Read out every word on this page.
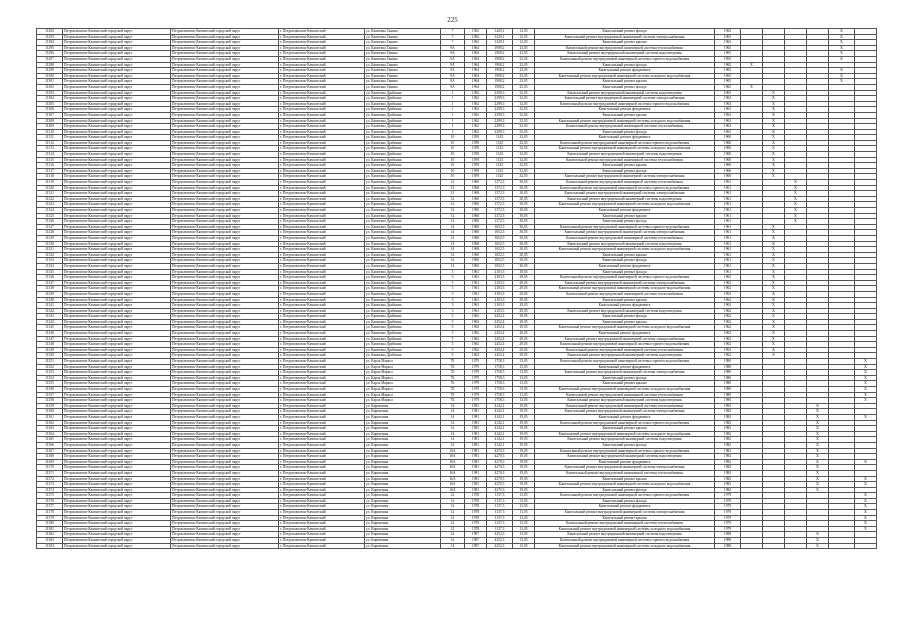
225
11292	Петропавловск-Камчатский городской округ	Петропавловск-Камчатский городской округ	г. Петропавловск-Камчатский	ул. Капитана Ганина	7	1962	1429,1	12,05	Капитальный ремонт фасада	1963					X	
11293	Петропавловск-Камчатский городской округ	Петропавловск-Камчатский городской округ	г. Петропавловск-Камчатский	ул. Капитана Ганина	7	1962	1429,1	12,05	Капитальный ремонт внутридомовой инженерной системы электроснабжения	1963					X	
11294	Петропавловск-Камчатский городской округ	Петропавловск-Камчатский городской округ	г. Петропавловск-Камчатский	ул. Капитана Ганина	7	1962	1429,1	12,05	Капитальный ремонт крыши	1963					X	
11295	Петропавловск-Камчатский городской округ	Петропавловск-Камчатский городской округ	г. Петропавловск-Камчатский	ул. Капитана Ганина	9А	1964	1908,2	23,05	Капитальный ремонт внутридомовой инженерной системы теплоснабжения	1965					X	
11296	Петропавловск-Камчатский городской округ	Петропавловск-Камчатский городской округ	г. Петропавловск-Камчатский	ул. Капитана Ганина	9А	1964	1908,2	23,05	Капитальный ремонт внутридомовой инженерной системы водоотведения	1965					X	
11297	Петропавловск-Камчатский городской округ	Петропавловск-Камчатский городской округ	г. Петропавловск-Камчатский	ул. Капитана Ганина	9А	1964	1908,2	23,05	Капитальный ремонт внутридомовой инженерной системы горячего водоснабжения	1965					X	
11298	Петропавловск-Камчатский городской округ	Петропавловск-Камчатский городской округ	г. Петропавловск-Камчатский	ул. Капитана Ганина	9А	1964	1908,2	23,05	Капитальный ремонт фасада	1965	X					
11299	Петропавловск-Камчатский городской округ	Петропавловск-Камчатский городской округ	г. Петропавловск-Камчатский	ул. Капитана Ганина	9А	1964	1908,2	23,05	Капитальный ремонт фундамента	1965					X	
11300	Петропавловск-Камчатский городской округ	Петропавловск-Камчатский городской округ	г. Петропавловск-Камчатский	ул. Капитана Ганина	9А	1964	1908,2	23,05	Капитальный ремонт внутридомовой инженерной системы холодного водоснабжения	1965					X	
11301	Петропавловск-Камчатский городской округ	Петропавловск-Камчатский городской округ	г. Петропавловск-Камчатский	ул. Капитана Ганина	9А	1964	1908,2	23,05	Капитальный ремонт крыши	1965					X	
11302	Петропавловск-Камчатский городской округ	Петропавловск-Камчатский городской округ	г. Петропавловск-Камчатский	ул. Капитана Ганина	9А	1964	1908,2	23,05	Капитальный ремонт фасада	1965	X					
11303	Петропавловск-Камчатский городской округ	Петропавловск-Камчатский городской округ	г. Петропавловск-Камчатский	ул. Капитана Драбкина	1	1962	2299,3	32,05	Капитальный ремонт внутридомовой инженерной системы водоотведения	1963		X				
11304	Петропавловск-Камчатский городской округ	Петропавловск-Камчатский городской округ	г. Петропавловск-Камчатский	ул. Капитана Драбкина	1	1962	2299,3	32,05	Капитальный ремонт внутридомовой инженерной системы электроснабжения	1963		X				
11305	Петропавловск-Камчатский городской округ	Петропавловск-Камчатский городской округ	г. Петропавловск-Камчатский	ул. Капитана Драбкина	1	1962	2299,3	32,05	Капитальный ремонт внутридомовой инженерной системы горячего водоснабжения	1963		X				
11306	Петропавловск-Камчатский городской округ	Петропавловск-Камчатский городской округ	г. Петропавловск-Камчатский	ул. Капитана Драбкина	1	1962	2299,3	32,05	Капитальный ремонт фундамента	1963		X				
11307	Петропавловск-Камчатский городской округ	Петропавловск-Камчатский городской округ	г. Петропавловск-Камчатский	ул. Капитана Драбкина	1	1962	2299,3	32,05	Капитальный ремонт крыши	1963		X				
11308	Петропавловск-Камчатский городской округ	Петропавловск-Камчатский городской округ	г. Петропавловск-Камчатский	ул. Капитана Драбкина	1	1962	2299,3	32,05	Капитальный ремонт внутридомовой инженерной системы холодного водоснабжения	1963		X				
11309	Петропавловск-Камчатский городской округ	Петропавловск-Камчатский городской округ	г. Петропавловск-Камчатский	ул. Капитана Драбкина	1	1962	2299,3	32,05	Капитальный ремонт внутридомовой инженерной системы теплоснабжения	1963		X				
11310	Петропавловск-Камчатский городской округ	Петропавловск-Камчатский городской округ	г. Петропавловск-Камчатский	ул. Капитана Драбкина	1	1962	2299,3	32,05	Капитальный ремонт фасада	1963		X				
11311	Петропавловск-Камчатский городской округ	Петропавловск-Камчатский городской округ	г. Петропавловск-Камчатский	ул. Капитана Драбкина	10	1959	1143	32,05	Капитальный ремонт фундамента	1960		X				
11312	Петропавловск-Камчатский городской округ	Петропавловск-Камчатский городской округ	г. Петропавловск-Камчатский	ул. Капитана Драбкина	10	1959	1143	32,05	Капитальный ремонт внутридомовой инженерной системы горячего водоснабжения	1960		X				
11313	Петропавловск-Камчатский городской округ	Петропавловск-Камчатский городской округ	г. Петропавловск-Камчатский	ул. Капитана Драбкина	10	1959	1143	32,05	Капитальный ремонт внутридомовой инженерной системы холодного водоснабжения	1960		X				
11314	Петропавловск-Камчатский городской округ	Петропавловск-Камчатский городской округ	г. Петропавловск-Камчатский	ул. Капитана Драбкина	10	1959	1143	32,05	Капитальный ремонт внутридомовой инженерной системы водоотведения	1960		X				
11315	Петропавловск-Камчатский городской округ	Петропавловск-Камчатский городской округ	г. Петропавловск-Камчатский	ул. Капитана Драбкина	10	1959	1143	32,05	Капитальный ремонт внутридомовой инженерной системы теплоснабжения	1960		X				
11316	Петропавловск-Камчатский городской округ	Петропавловск-Камчатский городской округ	г. Петропавловск-Камчатский	ул. Капитана Драбкина	10	1959	1143	32,05	Капитальный ремонт крыши	1960		X				
11317	Петропавловск-Камчатский городской округ	Петропавловск-Камчатский городской округ	г. Петропавловск-Камчатский	ул. Капитана Драбкина	10	1959	1143	32,05	Капитальный ремонт фасада	1960		X				
11318	Петропавловск-Камчатский городской округ	Петропавловск-Камчатский городской округ	г. Петропавловск-Камчатский	ул. Капитана Драбкина	10	1959	1143	32,05	Капитальный ремонт внутридомовой инженерной системы электроснабжения	1960		X				
11319	Петропавловск-Камчатский городской округ	Петропавловск-Камчатский городской округ	г. Петропавловск-Камчатский	ул. Капитана Драбкина	12	1960	1372,3	30,05	Капитальный ремонт внутридомовой инженерной системы теплоснабжения	1961			X			
11320	Петропавловск-Камчатский городской округ	Петропавловск-Камчатский городской округ	г. Петропавловск-Камчатский	ул. Капитана Драбкина	12	1960	1372,3	30,05	Капитальный ремонт внутридомовой инженерной системы горячего водоснабжения	1961			X			
11321	Петропавловск-Камчатский городской округ	Петропавловск-Камчатский городской округ	г. Петропавловск-Камчатский	ул. Капитана Драбкина	12	1960	1372,3	30,05	Капитальный ремонт внутридомовой инженерной системы электроснабжения	1961			X			
11322	Петропавловск-Камчатский городской округ	Петропавловск-Камчатский городской округ	г. Петропавловск-Камчатский	ул. Капитана Драбкина	12	1960	1372,3	30,05	Капитальный ремонт внутридомовой инженерной системы водоотведения	1961			X			
11323	Петропавловск-Камчатский городской округ	Петропавловск-Камчатский городской округ	г. Петропавловск-Камчатский	ул. Капитана Драбкина	12	1960	1372,3	30,05	Капитальный ремонт внутридомовой инженерной системы холодного водоснабжения	1961			X			
11324	Петропавловск-Камчатский городской округ	Петропавловск-Камчатский городской округ	г. Петропавловск-Камчатский	ул. Капитана Драбкина	12	1960	1372,3	30,05	Капитальный ремонт фундамента	1961			X			
11325	Петропавловск-Камчатский городской округ	Петропавловск-Камчатский городской округ	г. Петропавловск-Камчатский	ул. Капитана Драбкина	12	1960	1372,3	30,05	Капитальный ремонт крыши	1961			X			
11326	Петропавловск-Камчатский городской округ	Петропавловск-Камчатский городской округ	г. Петропавловск-Камчатский	ул. Капитана Драбкина	12	1960	1372,3	30,05	Капитальный ремонт фасада	1961			X			
11327	Петропавловск-Камчатский городской округ	Петропавловск-Камчатский городской округ	г. Петропавловск-Камчатский	ул. Капитана Драбкина	14	1960	1652,5	30,05	Капитальный ремонт внутридомовой инженерной системы горячего водоснабжения	1961		X				
11328	Петропавловск-Камчатский городской округ	Петропавловск-Камчатский городской округ	г. Петропавловск-Камчатский	ул. Капитана Драбкина	14	1960	1652,5	30,05	Капитальный ремонт внутридомовой инженерной системы электроснабжения	1961		X				
11329	Петропавловск-Камчатский городской округ	Петропавловск-Камчатский городской округ	г. Петропавловск-Камчатский	ул. Капитана Драбкина	14	1960	1652,5	30,05	Капитальный ремонт внутридомовой инженерной системы теплоснабжения	1961		X				
11330	Петропавловск-Камчатский городской округ	Петропавловск-Камчатский городской округ	г. Петропавловск-Камчатский	ул. Капитана Драбкина	14	1960	1652,5	30,05	Капитальный ремонт внутридомовой инженерной системы водоотведения	1961		X				
11331	Петропавловск-Камчатский городской округ	Петропавловск-Камчатский городской округ	г. Петропавловск-Камчатский	ул. Капитана Драбкина	14	1960	1652,5	30,05	Капитальный ремонт внутридомовой инженерной системы холодного водоснабжения	1961		X				
11332	Петропавловск-Камчатский городской округ	Петропавловск-Камчатский городской округ	г. Петропавловск-Камчатский	ул. Капитана Драбкина	14	1960	1652,5	30,05	Капитальный ремонт крыши	1961		X				
11333	Петропавловск-Камчатский городской округ	Петропавловск-Камчатский городской округ	г. Петропавловск-Камчатский	ул. Капитана Драбкина	14	1960	1652,5	30,05	Капитальный ремонт фасада	1961		X				
11334	Петропавловск-Камчатский городской округ	Петропавловск-Камчатский городской округ	г. Петропавловск-Камчатский	ул. Капитана Драбкина	14	1960	1652,5	30,05	Капитальный ремонт фундамента	1961		X				
11335	Петропавловск-Камчатский городской округ	Петропавловск-Камчатский городской округ	г. Петропавловск-Камчатский	ул. Капитана Драбкина	3	1961	2103,3	29,05	Капитальный ремонт фасада	1961		X				
11336	Петропавловск-Камчатский городской округ	Петропавловск-Камчатский городской округ	г. Петропавловск-Камчатский	ул. Капитана Драбкина	3	1961	2103,3	29,05	Капитальный ремонт внутридомовой инженерной системы горячего водоснабжения	1962		X				
11337	Петропавловск-Камчатский городской округ	Петропавловск-Камчатский городской округ	г. Петропавловск-Камчатский	ул. Капитана Драбкина	3	1961	2103,3	29,05	Капитальный ремонт внутридомовой инженерной системы электроснабжения	1962		X				
11338	Петропавловск-Камчатский городской округ	Петропавловск-Камчатский городской округ	г. Петропавловск-Камчатский	ул. Капитана Драбкина	3	1961	2103,3	29,05	Капитальный ремонт внутридомовой инженерной системы холодного водоснабжения	1962		X				
11339	Петропавловск-Камчатский городской округ	Петропавловск-Камчатский городской округ	г. Петропавловск-Камчатский	ул. Капитана Драбкина	3	1961	2103,3	29,05	Капитальный ремонт внутридомовой инженерной системы теплоснабжения	1962		X				
11340	Петропавловск-Камчатский городской округ	Петропавловск-Камчатский городской округ	г. Петропавловск-Камчатский	ул. Капитана Драбкина	3	1961	2103,3	29,05	Капитальный ремонт крыши	1962		X				
11341	Петропавловск-Камчатский городской округ	Петропавловск-Камчатский городской округ	г. Петропавловск-Камчатский	ул. Капитана Драбкина	3	1961	2103,3	29,05	Капитальный ремонт фундамента	1962		X				
11342	Петропавловск-Камчатский городской округ	Петропавловск-Камчатский городской округ	г. Петропавловск-Камчатский	ул. Капитана Драбкина	3	1961	2103,3	29,05	Капитальный ремонт внутридомовой инженерной системы водоотведения	1962		X				
11343	Петропавловск-Камчатский городской округ	Петропавловск-Камчатский городской округ	г. Петропавловск-Камчатский	ул. Капитана Драбкина	5	1962	2452,4	29,05	Капитальный ремонт фасада	1962		X				
11344	Петропавловск-Камчатский городской округ	Петропавловск-Камчатский городской округ	г. Петропавловск-Камчатский	ул. Капитана Драбкина	5	1962	2452,4	29,05	Капитальный ремонт крыши	1962		X				
11345	Петропавловск-Камчатский городской округ	Петропавловск-Камчатский городской округ	г. Петропавловск-Камчатский	ул. Капитана Драбкина	5	1962	2452,4	29,05	Капитальный ремонт внутридомовой инженерной системы холодного водоснабжения	1962		X				
11346	Петропавловск-Камчатский городской округ	Петропавловск-Камчатский городской округ	г. Петропавловск-Камчатский	ул. Капитана Драбкина	5	1962	2452,4	29,05	Капитальный ремонт фундамента	1962		X				
11347	Петропавловск-Камчатский городской округ	Петропавловск-Камчатский городской округ	г. Петропавловск-Камчатский	ул. Капитана Драбкина	5	1962	2452,4	29,05	Капитальный ремонт внутридомовой инженерной системы электроснабжения	1962		X				
11348	Петропавловск-Камчатский городской округ	Петропавловск-Камчатский городской округ	г. Петропавловск-Камчатский	ул. Капитана Драбкина	5	1962	2452,4	29,05	Капитальный ремонт внутридомовой инженерной системы горячего водоснабжения	1962		X				
11349	Петропавловск-Камчатский городской округ	Петропавловск-Камчатский городской округ	г. Петропавловск-Камчатский	ул. Капитана Драбкина	5	1962	2452,4	29,05	Капитальный ремонт внутридомовой инженерной системы теплоснабжения	1962		X				
11350	Петропавловск-Камчатский городской округ	Петропавловск-Камчатский городской округ	г. Петропавловск-Камчатский	ул. Капитана Драбкина	5	1962	2452,4	29,05	Капитальный ремонт внутридомовой инженерной системы водоотведения	1962		X				
11351	Петропавловск-Камчатский городской округ	Петропавловск-Камчатский городской округ	г. Петропавловск-Камчатский	ул. Карла Маркса	7Б	1979	1758,3	13,05	Капитальный ремонт внутридомовой инженерной системы горячего водоснабжения	1980						X
11352	Петропавловск-Камчатский городской округ	Петропавловск-Камчатский городской округ	г. Петропавловск-Камчатский	ул. Карла Маркса	7Б	1979	1758,3	13,05	Капитальный ремонт фундамента	1980						X
11353	Петропавловск-Камчатский городской округ	Петропавловск-Камчатский городской округ	г. Петропавловск-Камчатский	ул. Карла Маркса	7Б	1979	1758,3	13,05	Капитальный ремонт внутридомовой инженерной системы электроснабжения	1980						X
11354	Петропавловск-Камчатский городской округ	Петропавловск-Камчатский городской округ	г. Петропавловск-Камчатский	ул. Карла Маркса	7Б	1979	1758,3	13,05	Капитальный ремонт фасада	1980						X
11355	Петропавловск-Камчатский городской округ	Петропавловск-Камчатский городской округ	г. Петропавловск-Камчатский	ул. Карла Маркса	7Б	1979	1758,3	13,05	Капитальный ремонт крыши	1980						X
11356	Петропавловск-Камчатский городской округ	Петропавловск-Камчатский городской округ	г. Петропавловск-Камчатский	ул. Карла Маркса	7Б	1979	1758,3	13,05	Капитальный ремонт внутридомовой инженерной системы холодного водоснабжения	1980						X
11357	Петропавловск-Камчатский городской округ	Петропавловск-Камчатский городской округ	г. Петропавловск-Камчатский	ул. Карла Маркса	7Б	1979	1758,3	13,05	Капитальный ремонт внутридомовой инженерной системы теплоснабжения	1980						X
11358	Петропавловск-Камчатский городской округ	Петропавловск-Камчатский городской округ	г. Петропавловск-Камчатский	ул. Карла Маркса	7Б	1979	1758,3	13,05	Капитальный ремонт внутридомовой инженерной системы водоотведения	1980						X
11359	Петропавловск-Камчатский городской округ	Петропавловск-Камчатский городской округ	г. Петропавловск-Камчатский	ул. Кирпичная	14	1981	4142,1	19,05	Капитальный ремонт внутридомовой инженерной системы теплоснабжения	1982				X		
11360	Петропавловск-Камчатский городской округ	Петропавловск-Камчатский городской округ	г. Петропавловск-Камчатский	ул. Кирпичная	14	1981	4142,1	19,05	Капитальный ремонт внутридомовой инженерной системы электроснабжения	1982				X		
11361	Петропавловск-Камчатский городской округ	Петропавловск-Камчатский городской округ	г. Петропавловск-Камчатский	ул. Кирпичная	14	1981	4142,1	19,05	Капитальный ремонт фундамента	1982				X		X
11362	Петропавловск-Камчатский городской округ	Петропавловск-Камчатский городской округ	г. Петропавловск-Камчатский	ул. Кирпичная	14	1981	4142,1	19,05	Капитальный ремонт внутридомовой инженерной системы горячего водоснабжения	1982				X		
11363	Петропавловск-Камчатский городской округ	Петропавловск-Камчатский городской округ	г. Петропавловск-Камчатский	ул. Кирпичная	14	1981	4142,1	19,05	Капитальный ремонт крыши	1982				X		
11364	Петропавловск-Камчатский городской округ	Петропавловск-Камчатский городской округ	г. Петропавловск-Камчатский	ул. Кирпичная	14	1981	4142,1	19,05	Капитальный ремонт внутридомовой инженерной системы холодного водоснабжения	1982				X		
11365	Петропавловск-Камчатский городской округ	Петропавловск-Камчатский городской округ	г. Петропавловск-Камчатский	ул. Кирпичная	14	1981	4142,1	19,05	Капитальный ремонт внутридомовой инженерной системы водоотведения	1982				X		
11366	Петропавловск-Камчатский городской округ	Петропавловск-Камчатский городской округ	г. Петропавловск-Камчатский	ул. Кирпичная	14	1981	4142,1	19,05	Капитальный ремонт фасада	1982				X		
11367	Петропавловск-Камчатский городской округ	Петропавловск-Камчатский городской округ	г. Петропавловск-Камчатский	ул. Кирпичная	16А	1981	4270,3	19,05	Капитальный ремонт внутридомовой инженерной системы горячего водоснабжения	1982				X		
11368	Петропавловск-Камчатский городской округ	Петропавловск-Камчатский городской округ	г. Петропавловск-Камчатский	ул. Кирпичная	16А	1981	4270,3	19,05	Капитальный ремонт внутридомовой инженерной системы водоотведения	1982				X		
11369	Петропавловск-Камчатский городской округ	Петропавловск-Камчатский городской округ	г. Петропавловск-Камчатский	ул. Кирпичная	16А	1981	4270,3	19,05	Капитальный ремонт фундамента	1982				X		X
11370	Петропавловск-Камчатский городской округ	Петропавловск-Камчатский городской округ	г. Петропавловск-Камчатский	ул. Кирпичная	16А	1981	4270,3	19,05	Капитальный ремонт внутридомовой инженерной системы электроснабжения	1982				X		
11371	Петропавловск-Камчатский городской округ	Петропавловск-Камчатский городской округ	г. Петропавловск-Камчатский	ул. Кирпичная	16А	1981	4270,3	19,05	Капитальный ремонт внутридомовой инженерной системы теплоснабжения	1982				X		
11372	Петропавловск-Камчатский городской округ	Петропавловск-Камчатский городской округ	г. Петропавловск-Камчатский	ул. Кирпичная	16А	1981	4270,3	19,05	Капитальный ремонт крыши	1982				X		X
11373	Петропавловск-Камчатский городской округ	Петропавловск-Камчатский городской округ	г. Петропавловск-Камчатский	ул. Кирпичная	16А	1981	4270,3	19,05	Капитальный ремонт внутридомовой инженерной системы холодного водоснабжения	1982				X		X
11374	Петропавловск-Камчатский городской округ	Петропавловск-Камчатский городской округ	г. Петропавловск-Камчатский	ул. Кирпичная	16А	1981	4270,3	19,05	Капитальный ремонт фасада	1982				X		
11375	Петропавловск-Камчатский городской округ	Петропавловск-Камчатский городской округ	г. Петропавловск-Камчатский	ул. Кирпичная	12	1978	1137,3	13,05	Капитальный ремонт внутридомовой инженерной системы горячего водоснабжения	1979						X
11376	Петропавловск-Камчатский городской округ	Петропавловск-Камчатский городской округ	г. Петропавловск-Камчатский	ул. Кирпичная	12	1978	1137,3	13,05	Капитальный ремонт фасада	1979						X
11377	Петропавловск-Камчатский городской округ	Петропавловск-Камчатский городской округ	г. Петропавловск-Камчатский	ул. Кирпичная	12	1978	1137,3	13,05	Капитальный ремонт фундамента	1979						X
11378	Петропавловск-Камчатский городской округ	Петропавловск-Камчатский городской округ	г. Петропавловск-Камчатский	ул. Кирпичная	12	1978	1137,3	13,05	Капитальный ремонт внутридомовой инженерной системы электроснабжения	1979						X
11379	Петропавловск-Камчатский городской округ	Петропавловск-Камчатский городской округ	г. Петропавловск-Камчатский	ул. Кирпичная	12	1978	1137,3	13,05	Капитальный ремонт крыши	1979						X
11380	Петропавловск-Камчатский городской округ	Петропавловск-Камчатский городской округ	г. Петропавловск-Камчатский	ул. Кирпичная	12	1978	1137,3	13,05	Капитальный ремонт внутридомовой инженерной системы теплоснабжения	1979						X
11381	Петропавловск-Камчатский городской округ	Петропавловск-Камчатский городской округ	г. Петропавловск-Камчатский	ул. Кирпичная	12	1978	1137,3	13,05	Капитальный ремонт внутридомовой инженерной системы холодного водоснабжения	1979						X
11382	Петропавловск-Камчатский городской округ	Петропавловск-Камчатский городской округ	г. Петропавловск-Камчатский	ул. Кирпичная	14	1987	4252,3	13,05	Капитальный ремонт внутридомовой инженерной системы водоотведения	1988				X		
11383	Петропавловск-Камчатский городской округ	Петропавловск-Камчатский городской округ	г. Петропавловск-Камчатский	ул. Кирпичная	14	1987	4252,3	13,05	Капитальный ремонт внутридомовой инженерной системы горячего водоснабжения	1988				X		
11384	Петропавловск-Камчатский городской округ	Петропавловск-Камчатский городской округ	г. Петропавловск-Камчатский	ул. Кирпичная	14	1987	4252,3	13,05	Капитальный ремонт внутридомовой инженерной системы холодного водоснабжения	1988				X		
